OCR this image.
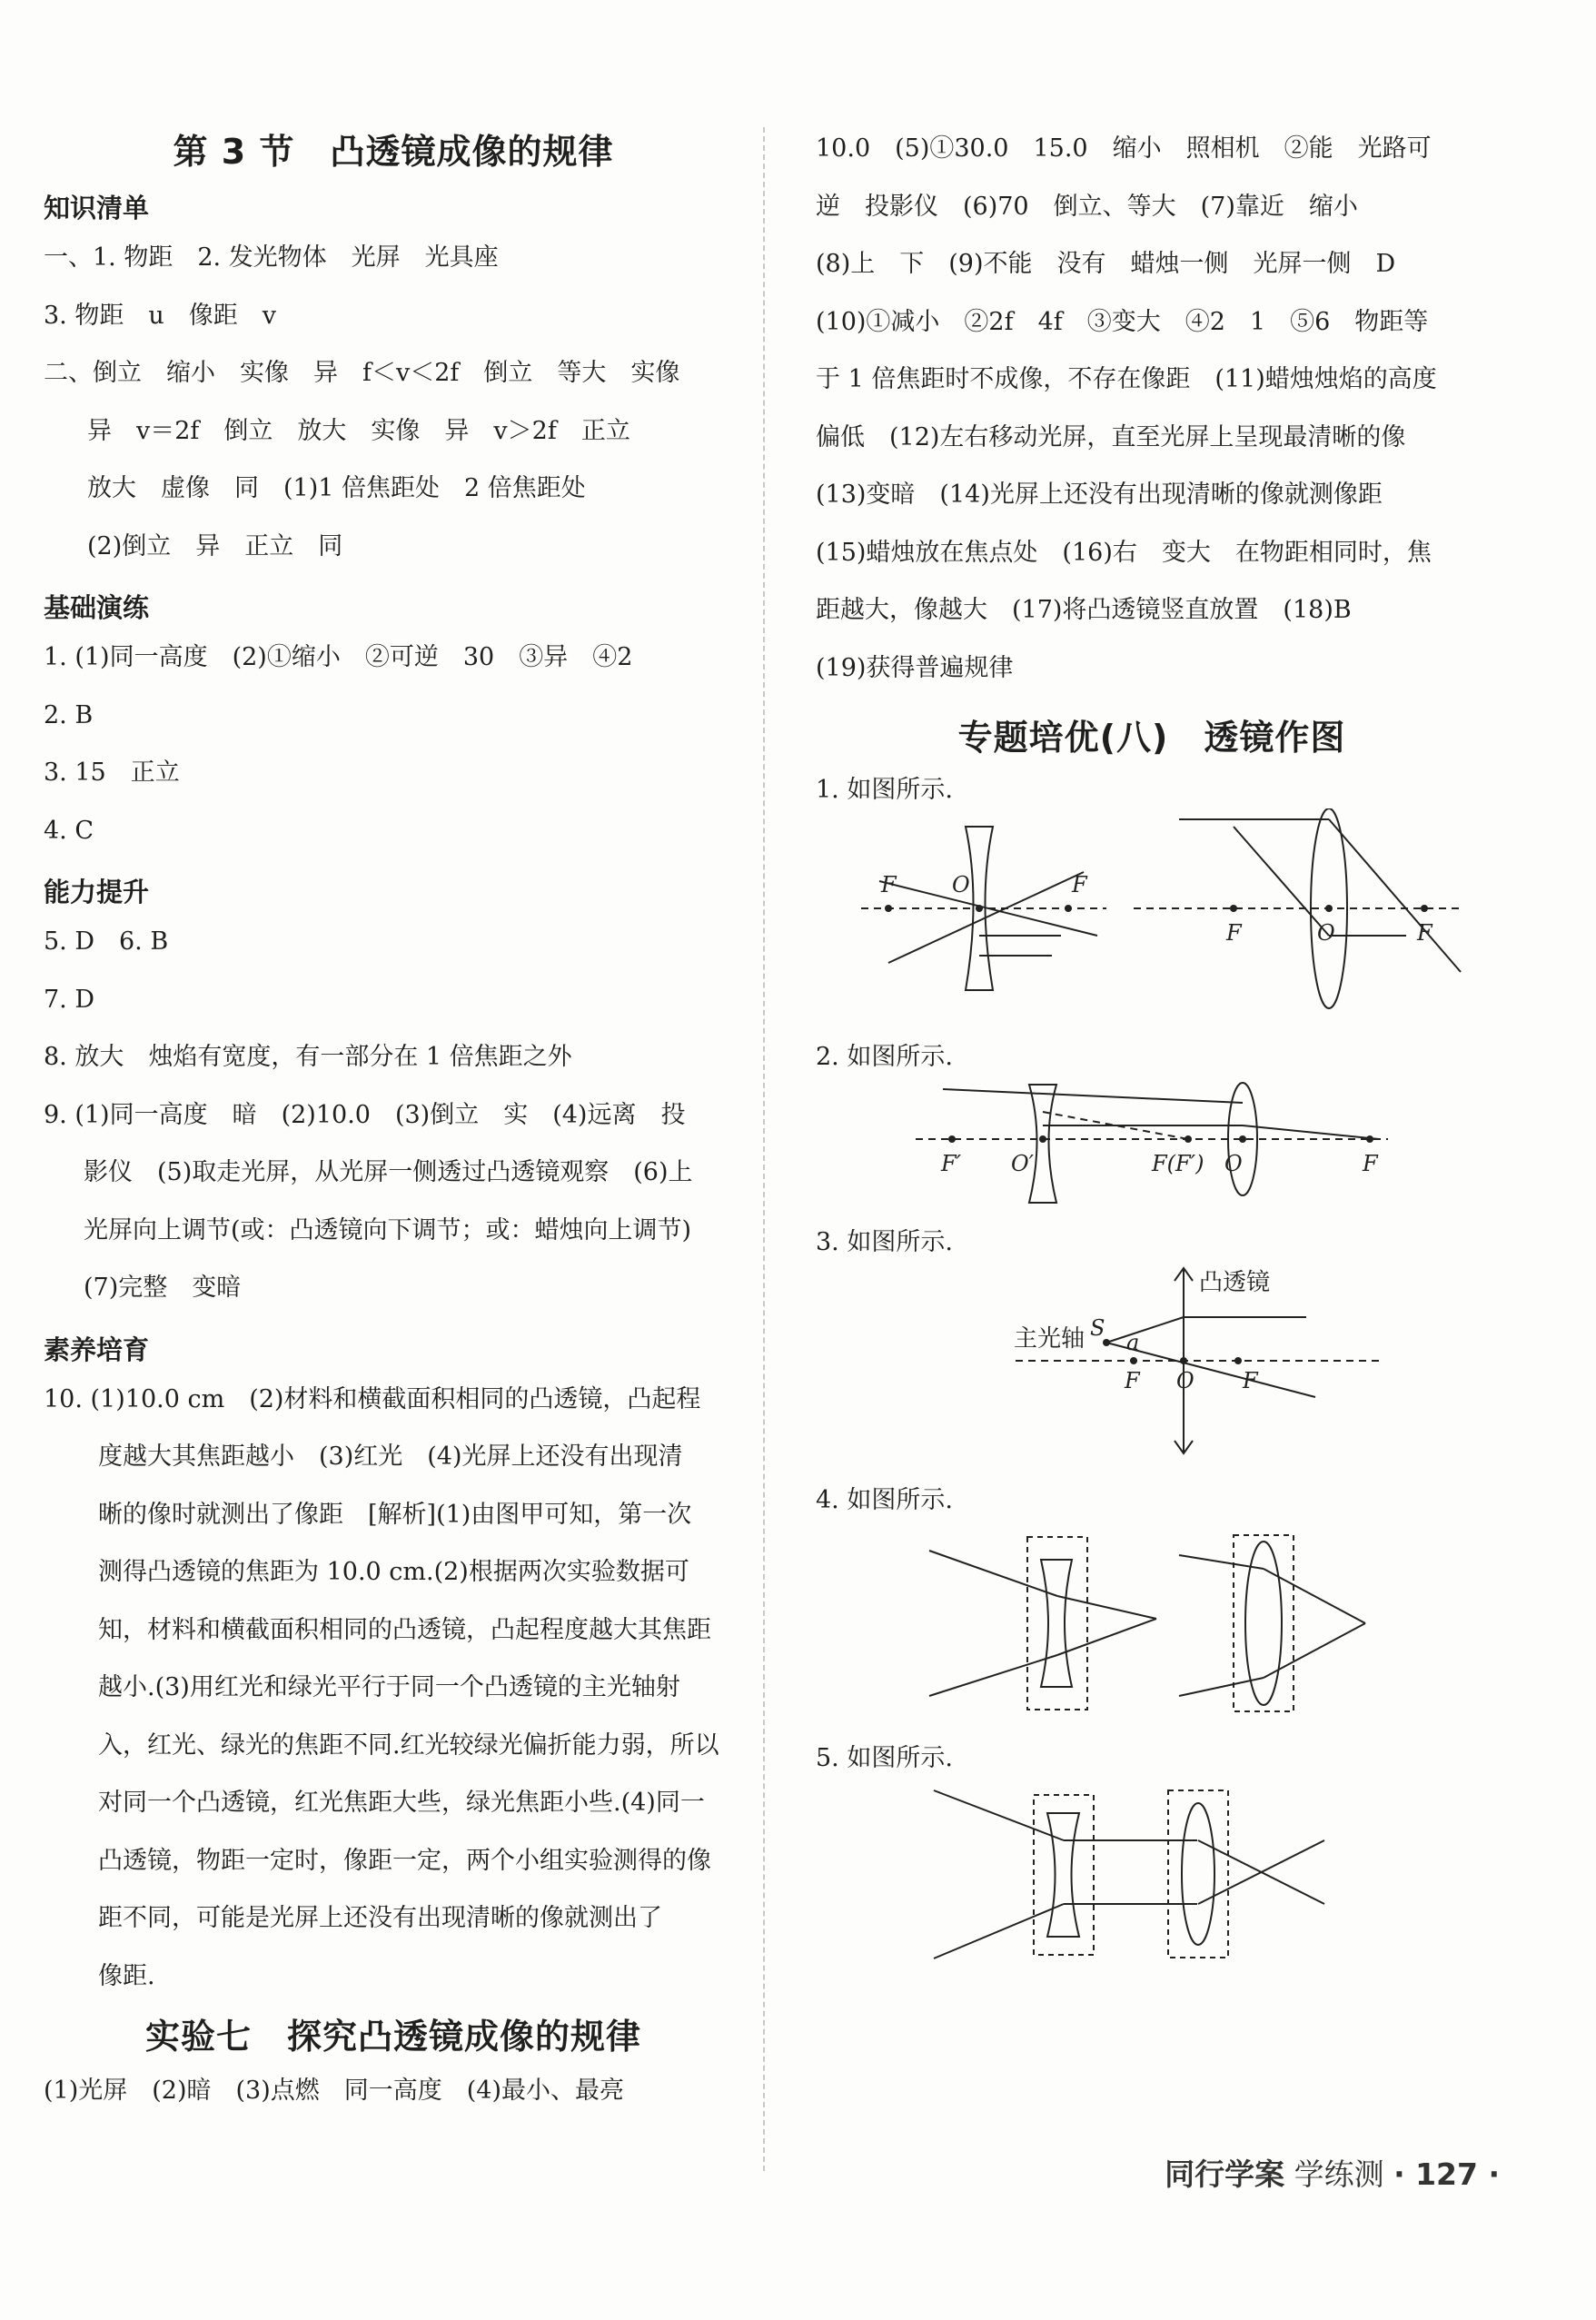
第 3 节　凸透镜成像的规律
知识清单
一、1. 物距　2. 发光物体　光屏　光具座
3. 物距　u　像距　v
二、倒立　缩小　实像　异　f＜v＜2f　倒立　等大　实像
异　v＝2f　倒立　放大　实像　异　v＞2f　正立
放大　虚像　同　(1)1 倍焦距处　2 倍焦距处
(2)倒立　异　正立　同
基础演练
1. (1)同一高度　(2)①缩小　②可逆　30　③异　④2
2. B
3. 15　正立
4. C
能力提升
5. D　6. B
7. D
8. 放大　烛焰有宽度，有一部分在 1 倍焦距之外
9. (1)同一高度　暗　(2)10.0　(3)倒立　实　(4)远离　投
影仪　(5)取走光屏，从光屏一侧透过凸透镜观察　(6)上
光屏向上调节(或：凸透镜向下调节；或：蜡烛向上调节)
(7)完整　变暗
素养培育
10. (1)10.0 cm　(2)材料和横截面积相同的凸透镜，凸起程
度越大其焦距越小　(3)红光　(4)光屏上还没有出现清
晰的像时就测出了像距　[解析](1)由图甲可知，第一次
测得凸透镜的焦距为 10.0 cm.(2)根据两次实验数据可
知，材料和横截面积相同的凸透镜，凸起程度越大其焦距
越小.(3)用红光和绿光平行于同一个凸透镜的主光轴射
入，红光、绿光的焦距不同.红光较绿光偏折能力弱，所以
对同一个凸透镜，红光焦距大些，绿光焦距小些.(4)同一
凸透镜，物距一定时，像距一定，两个小组实验测得的像
距不同，可能是光屏上还没有出现清晰的像就测出了
像距.
实验七　探究凸透镜成像的规律
(1)光屏　(2)暗　(3)点燃　同一高度　(4)最小、最亮
10.0　(5)①30.0　15.0　缩小　照相机　②能　光路可
逆　投影仪　(6)70　倒立、等大　(7)靠近　缩小
(8)上　下　(9)不能　没有　蜡烛一侧　光屏一侧　D
(10)①减小　②2f　4f　③变大　④2　1　⑤6　物距等
于 1 倍焦距时不成像，不存在像距　(11)蜡烛烛焰的高度
偏低　(12)左右移动光屏，直至光屏上呈现最清晰的像
(13)变暗　(14)光屏上还没有出现清晰的像就测像距
(15)蜡烛放在焦点处　(16)右　变大　在物距相同时，焦
距越大，像越大　(17)将凸透镜竖直放置　(18)B
(19)获得普遍规律
专题培优(八)　透镜作图
1. 如图所示.
F	O	F
F	O	F
2. 如图所示.
F′ O′	F(F′) O	F
3. 如图所示.
凸透镜
主光轴 S
a
F O F
4. 如图所示.
5. 如图所示.
同行学案 学练测 · 127 ·
